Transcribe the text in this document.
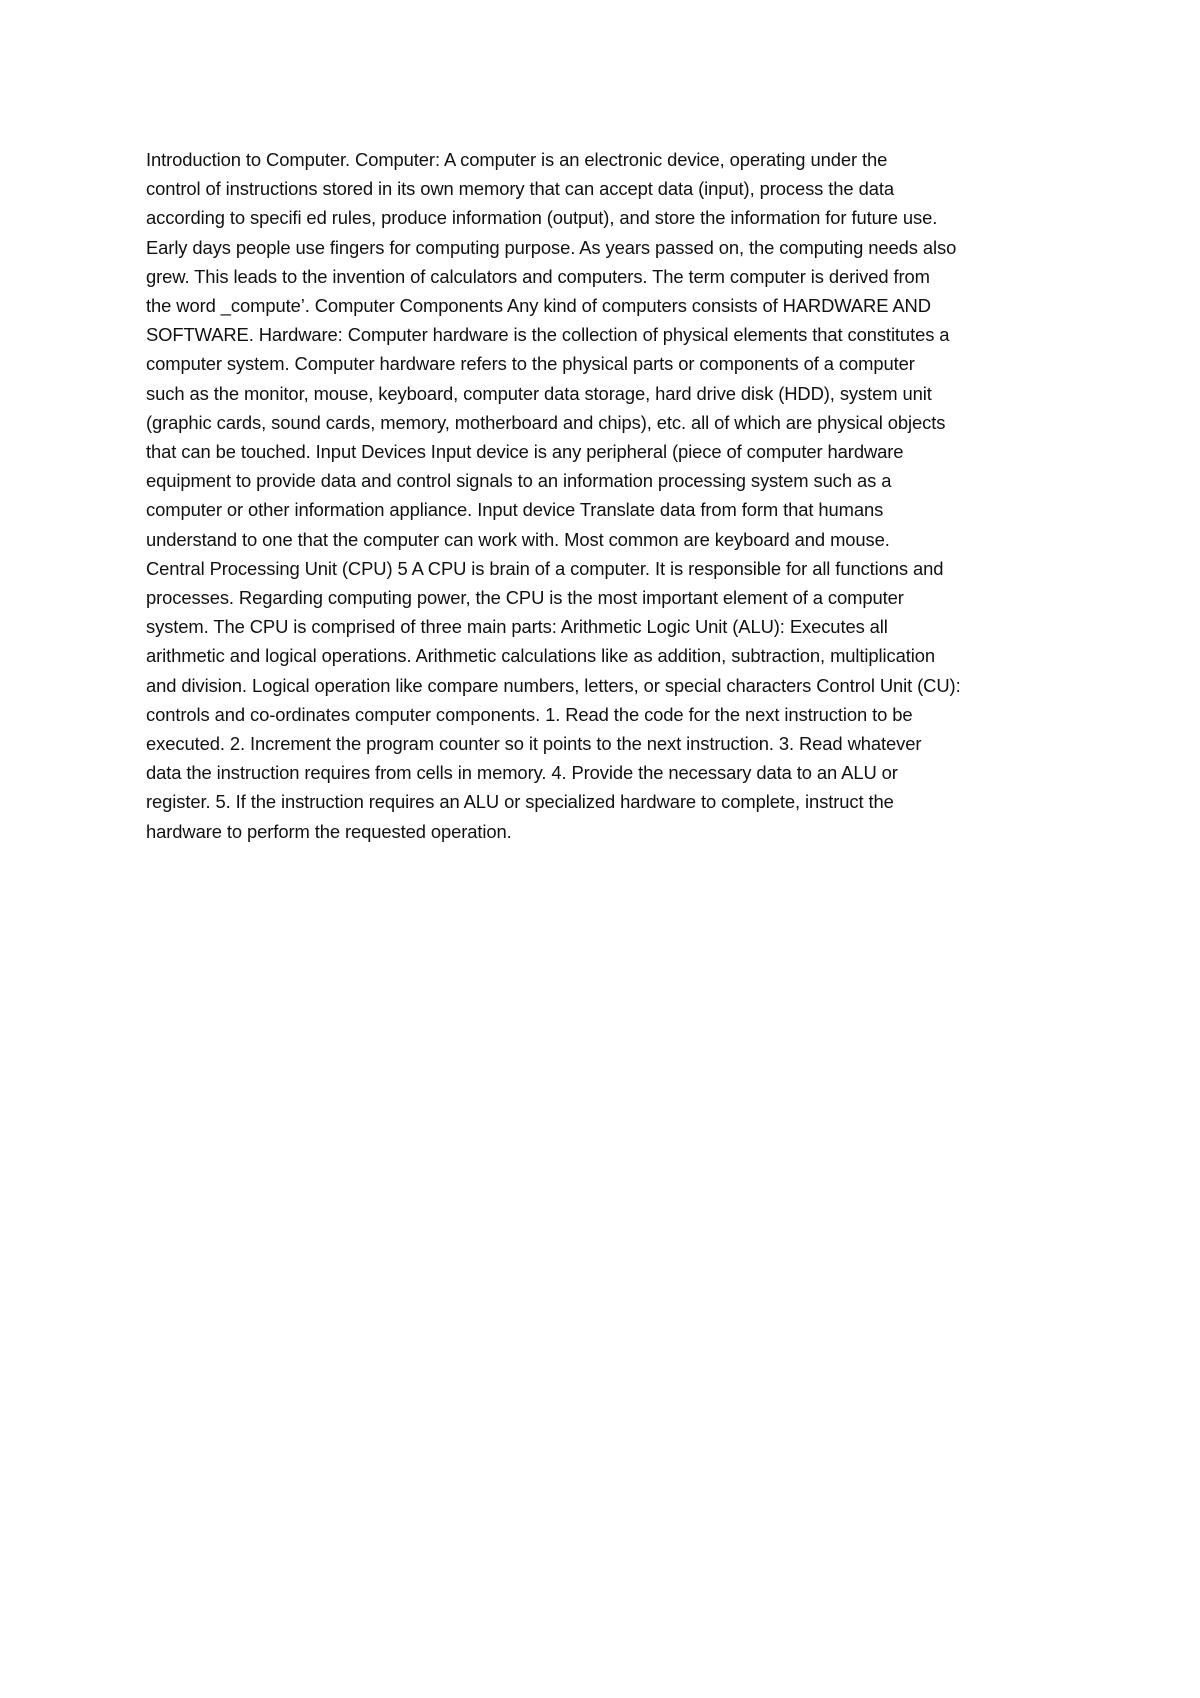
Introduction to Computer. Computer: A computer is an electronic device, operating under the
control of instructions stored in its own memory that can accept data (input), process the data
according to specifi ed rules, produce information (output), and store the information for future use.
Early days people use fingers for computing purpose. As years passed on, the computing needs also
grew. This leads to the invention of calculators and computers. The term computer is derived from
the word _compute’. Computer Components Any kind of computers consists of HARDWARE AND
SOFTWARE. Hardware: Computer hardware is the collection of physical elements that constitutes a
computer system. Computer hardware refers to the physical parts or components of a computer
such as the monitor, mouse, keyboard, computer data storage, hard drive disk (HDD), system unit
(graphic cards, sound cards, memory, motherboard and chips), etc. all of which are physical objects
that can be touched. Input Devices Input device is any peripheral (piece of computer hardware
equipment to provide data and control signals to an information processing system such as a
computer or other information appliance. Input device Translate data from form that humans
understand to one that the computer can work with. Most common are keyboard and mouse.
Central Processing Unit (CPU) 5 A CPU is brain of a computer. It is responsible for all functions and
processes. Regarding computing power, the CPU is the most important element of a computer
system. The CPU is comprised of three main parts: Arithmetic Logic Unit (ALU): Executes all
arithmetic and logical operations. Arithmetic calculations like as addition, subtraction, multiplication
and division. Logical operation like compare numbers, letters, or special characters Control Unit (CU):
controls and co-ordinates computer components. 1. Read the code for the next instruction to be
executed. 2. Increment the program counter so it points to the next instruction. 3. Read whatever
data the instruction requires from cells in memory. 4. Provide the necessary data to an ALU or
register. 5. If the instruction requires an ALU or specialized hardware to complete, instruct the
hardware to perform the requested operation.
